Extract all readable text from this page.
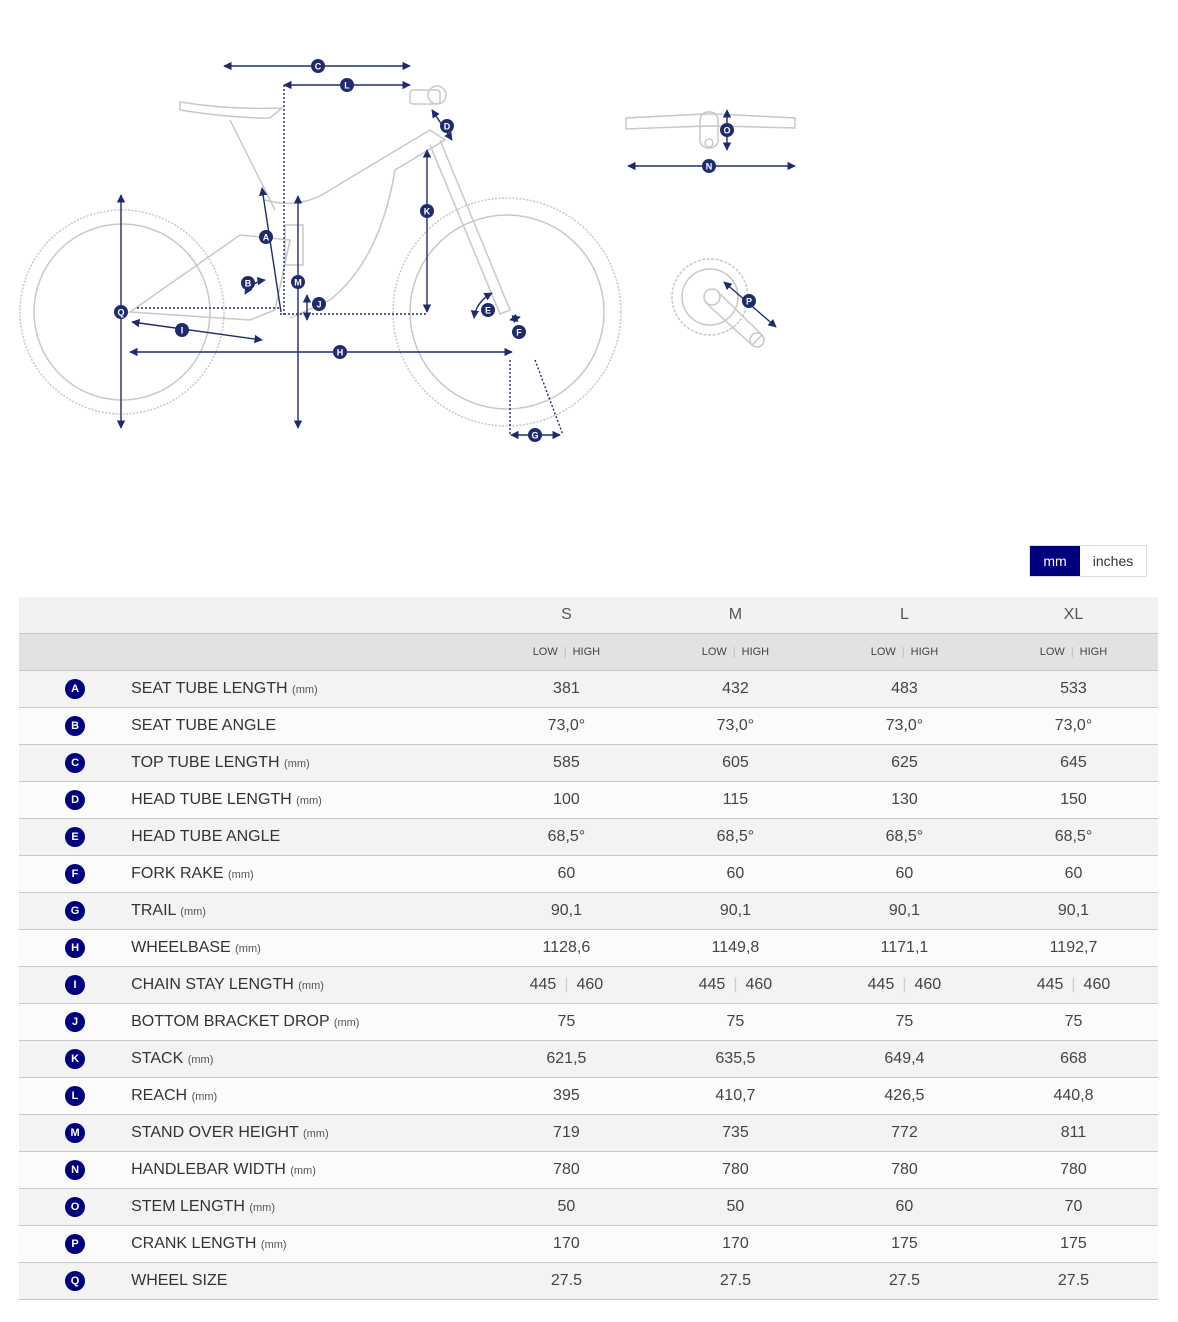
C
L
D
K
A
B	M
J
Q
I
H
E
F
G
O
N
P
mm	inches
		S	M	L	XL
		LOW | HIGH	LOW | HIGH	LOW | HIGH	LOW | HIGH
A	SEAT TUBE LENGTH (mm)	381	432	483	533
B	SEAT TUBE ANGLE	73,0°	73,0°	73,0°	73,0°
C	TOP TUBE LENGTH (mm)	585	605	625	645
D	HEAD TUBE LENGTH (mm)	100	115	130	150
E	HEAD TUBE ANGLE	68,5°	68,5°	68,5°	68,5°
F	FORK RAKE (mm)	60	60	60	60
G	TRAIL (mm)	90,1	90,1	90,1	90,1
H	WHEELBASE (mm)	1128,6	1149,8	1171,1	1192,7
I	CHAIN STAY LENGTH (mm)	445 | 460	445 | 460	445 | 460	445 | 460
J	BOTTOM BRACKET DROP (mm)	75	75	75	75
K	STACK (mm)	621,5	635,5	649,4	668
L	REACH (mm)	395	410,7	426,5	440,8
M	STAND OVER HEIGHT (mm)	719	735	772	811
N	HANDLEBAR WIDTH (mm)	780	780	780	780
O	STEM LENGTH (mm)	50	50	60	70
P	CRANK LENGTH (mm)	170	170	175	175
Q	WHEEL SIZE	27.5	27.5	27.5	27.5
